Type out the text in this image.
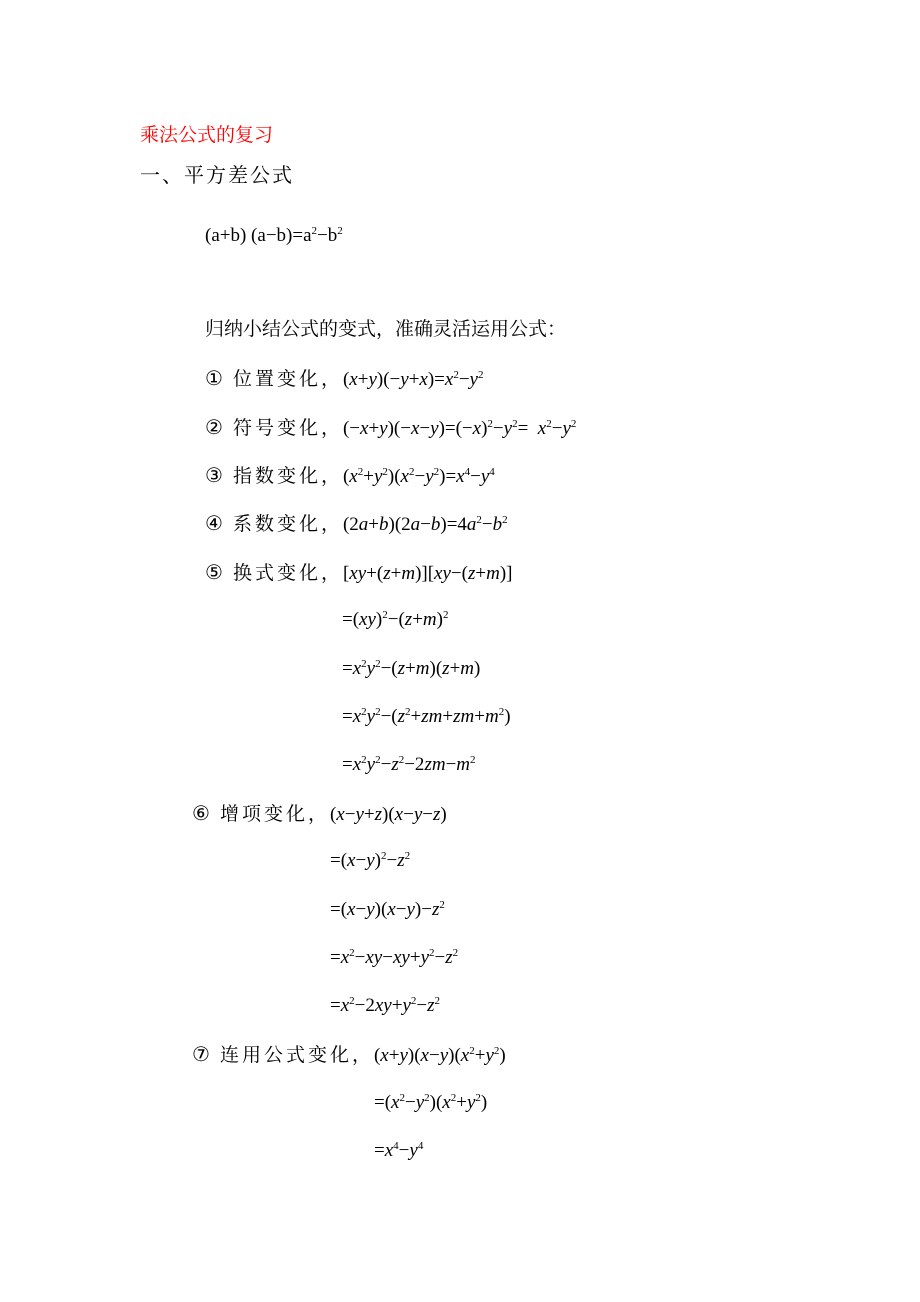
乘法公式的复习
一、平方差公式
(a+b) $(a-b)=a^2-b^2$
归纳小结公式的变式，准确灵活运用公式：
① 位置变化，$(x+y)(-y+x)=x^2-y^2$
② 符号变化，$(-x+y)(-x-y)=(-x)^2-y^2= x^2-y^2$
③ 指数变化，$(x^2+y^2)(x^2-y^2)=x^4-y^4$
④ 系数变化，$(2a+b)(2a-b)=4a^2-b^2$
⑤ 换式变化，[xy+(z+m)][xy−(z+m)]
$=(xy)^2-(z+m)^2$
$=x^2y^2-(z+m)(z+m)$
$=x^2y^2-(z^2+zm+zm+m^2)$
$=x^2y^2-z^2-2zm-m^2$
⑥ 增项变化，(x−y+z)(x−y−z)
$=(x-y)^2-z^2$
$=(x-y)(x-y)-z^2$
$=x^2-xy-xy+y^2-z^2$
$=x^2-2xy+y^2-z^2$
⑦ 连用公式变化，$(x+y)(x-y)(x^2+y^2)$
$=(x^2-y^2)(x^2+y^2)$
$=x^4-y^4$
